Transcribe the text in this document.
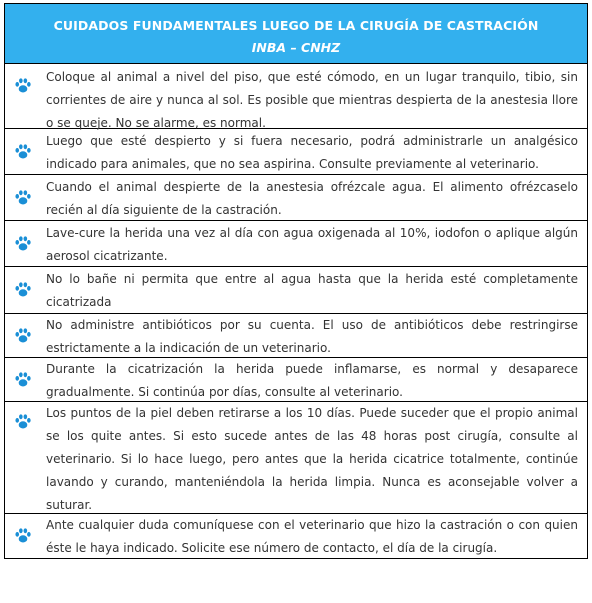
CUIDADOS FUNDAMENTALES LUEGO DE LA CIRUGÍA DE CASTRACIÓN
INBA – CNHZ
Coloque al animal a nivel del piso, que esté cómodo, en un lugar tranquilo, tibio, sin corrientes de aire y nunca al sol. Es posible que mientras despierta de la anestesia llore o se queje. No se alarme, es normal.
Luego que esté despierto y si fuera necesario, podrá administrarle un analgésico indicado para animales, que no sea aspirina. Consulte previamente al veterinario.
Cuando el animal despierte de la anestesia ofrézcale agua. El alimento ofrézcaselo recién al día siguiente de la castración.
Lave-cure la herida una vez al día con agua oxigenada al 10%, iodofon o aplique algún aerosol cicatrizante.
No lo bañe ni permita que entre al agua hasta que la herida esté completamente cicatrizada
No administre antibióticos por su cuenta. El uso de antibióticos debe restringirse estrictamente a la indicación de un veterinario.
Durante la cicatrización la herida puede inflamarse, es normal y desaparece gradualmente. Si continúa por días, consulte al veterinario.
Los puntos de la piel deben retirarse a los 10 días. Puede suceder que el propio animal se los quite antes. Si esto sucede antes de las 48 horas post cirugía, consulte al veterinario. Si lo hace luego, pero antes que la herida cicatrice totalmente, continúe lavando y curando, manteniéndola la herida limpia. Nunca es aconsejable volver a suturar.
Ante cualquier duda comuníquese con el veterinario que hizo la castración o con quien éste le haya indicado. Solicite ese número de contacto, el día de la cirugía.
